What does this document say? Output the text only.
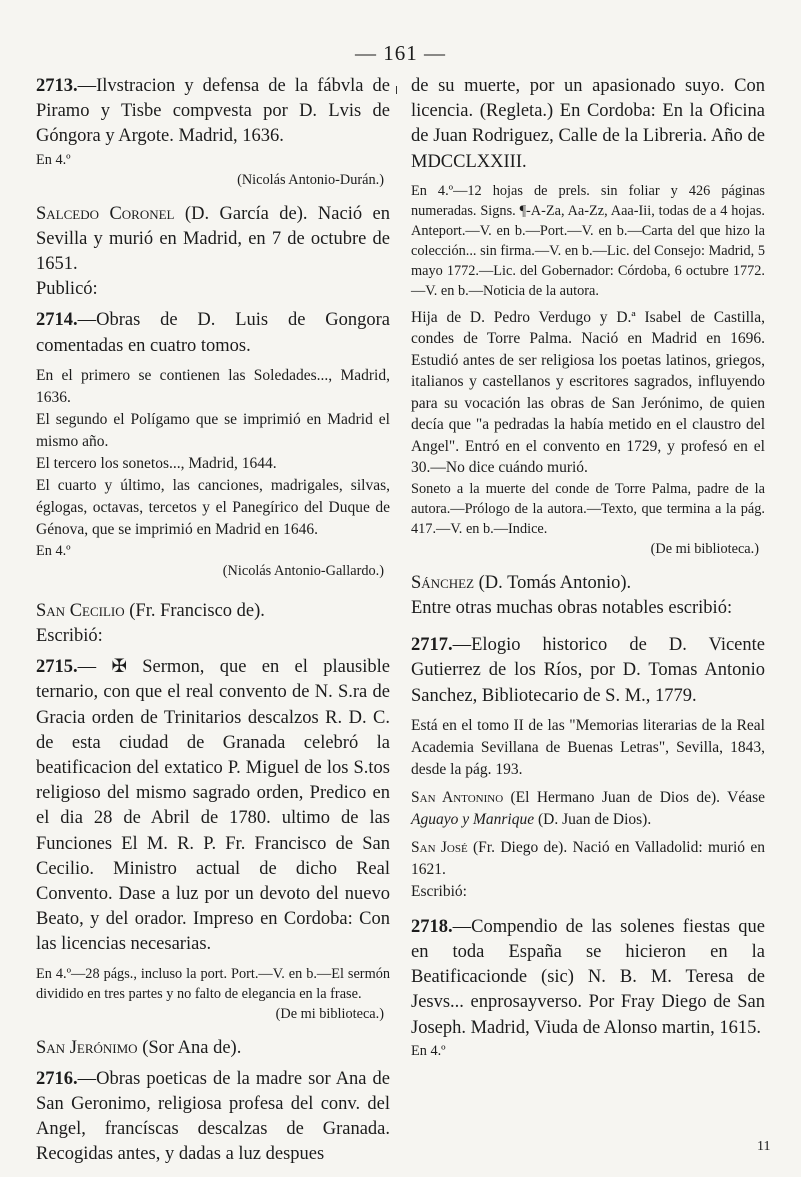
— 161 —

2713.—Ilvstracion y defensa de la fábvla de Piramo y Tisbe compvesta por D. Lvis de Góngora y Argote. Madrid, 1636.

En 4.º

(Nicolás Antonio-Durán.)

Salcedo Coronel (D. García de). Nació en Sevilla y murió en Madrid, en 7 de octubre de 1651.

Publicó:

2714.—Obras de D. Luis de Gongora comentadas en cuatro tomos.

En el primero se contienen las Soledades..., Madrid, 1636.

El segundo el Polígamo que se imprimió en Madrid el mismo año.

El tercero los sonetos..., Madrid, 1644.

El cuarto y último, las canciones, madrigales, silvas, églogas, octavas, tercetos y el Panegírico del Duque de Génova, que se imprimió en Madrid en 1646.

En 4.º

(Nicolás Antonio-Gallardo.)

San Cecilio (Fr. Francisco de).

Escribió:

2715.— ✠ Sermon, que en el plausible ternario, con que el real convento de N. S.ra de Gracia orden de Trinitarios descalzos R. D. C. de esta ciudad de Granada celebró la beatificacion del extatico P. Miguel de los S.tos religioso del mismo sagrado orden, Predico en el dia 28 de Abril de 1780. ultimo de las Funciones El M. R. P. Fr. Francisco de San Cecilio. Ministro actual de dicho Real Convento. Dase a luz por un devoto del nuevo Beato, y del orador. Impreso en Cordoba: Con las licencias necesarias.

En 4.º—28 págs., incluso la port. Port.—V. en b.—El sermón dividido en tres partes y no falto de elegancia en la frase.

(De mi biblioteca.)

San Jerónimo (Sor Ana de).

2716.—Obras poeticas de la madre sor Ana de San Geronimo, religiosa profesa del conv. del Angel, francíscas descalzas de Granada. Recogidas antes, y dadas a luz despues

de su muerte, por un apasionado suyo. Con licencia. (Regleta.) En Cordoba: En la Oficina de Juan Rodriguez, Calle de la Libreria. Año de MDCCLXXIII.

En 4.º—12 hojas de prels. sin foliar y 426 páginas numeradas. Signs. ¶-A-Za, Aa-Zz, Aaa-Iii, todas de a 4 hojas. Anteport.—V. en b.—Port.—V. en b.—Carta del que hizo la colección... sin firma.—V. en b.—Lic. del Consejo: Madrid, 5 mayo 1772.—Lic. del Gobernador: Córdoba, 6 octubre 1772.—V. en b.—Noticia de la autora.

Hija de D. Pedro Verdugo y D.ª Isabel de Castilla, condes de Torre Palma. Nació en Madrid en 1696. Estudió antes de ser religiosa los poetas latinos, griegos, italianos y castellanos y escritores sagrados, influyendo para su vocación las obras de San Jerónimo, de quien decía que "a pedradas la había metido en el claustro del Angel". Entró en el convento en 1729, y profesó en el 30.—No dice cuándo murió.

Soneto a la muerte del conde de Torre Palma, padre de la autora.—Prólogo de la autora.—Texto, que termina a la pág. 417.—V. en b.—Indice.

(De mi biblioteca.)

Sánchez (D. Tomás Antonio).

Entre otras muchas obras notables escribió:

2717.—Elogio historico de D. Vicente Gutierrez de los Ríos, por D. Tomas Antonio Sanchez, Bibliotecario de S. M., 1779.

Está en el tomo II de las "Memorias literarias de la Real Academia Sevillana de Buenas Letras", Sevilla, 1843, desde la pág. 193.

San Antonino (El Hermano Juan de Dios de). Véase Aguayo y Manrique (D. Juan de Dios).

San José (Fr. Diego de). Nació en Valladolid: murió en 1621.

Escribió:

2718.—Compendio de las solenes fiestas que en toda España se hicieron en la Beatificacionde (sic) N. B. M. Teresa de Jesvs... enprosayverso. Por Fray Diego de San Joseph. Madrid, Viuda de Alonso martin, 1615.

En 4.º

11
